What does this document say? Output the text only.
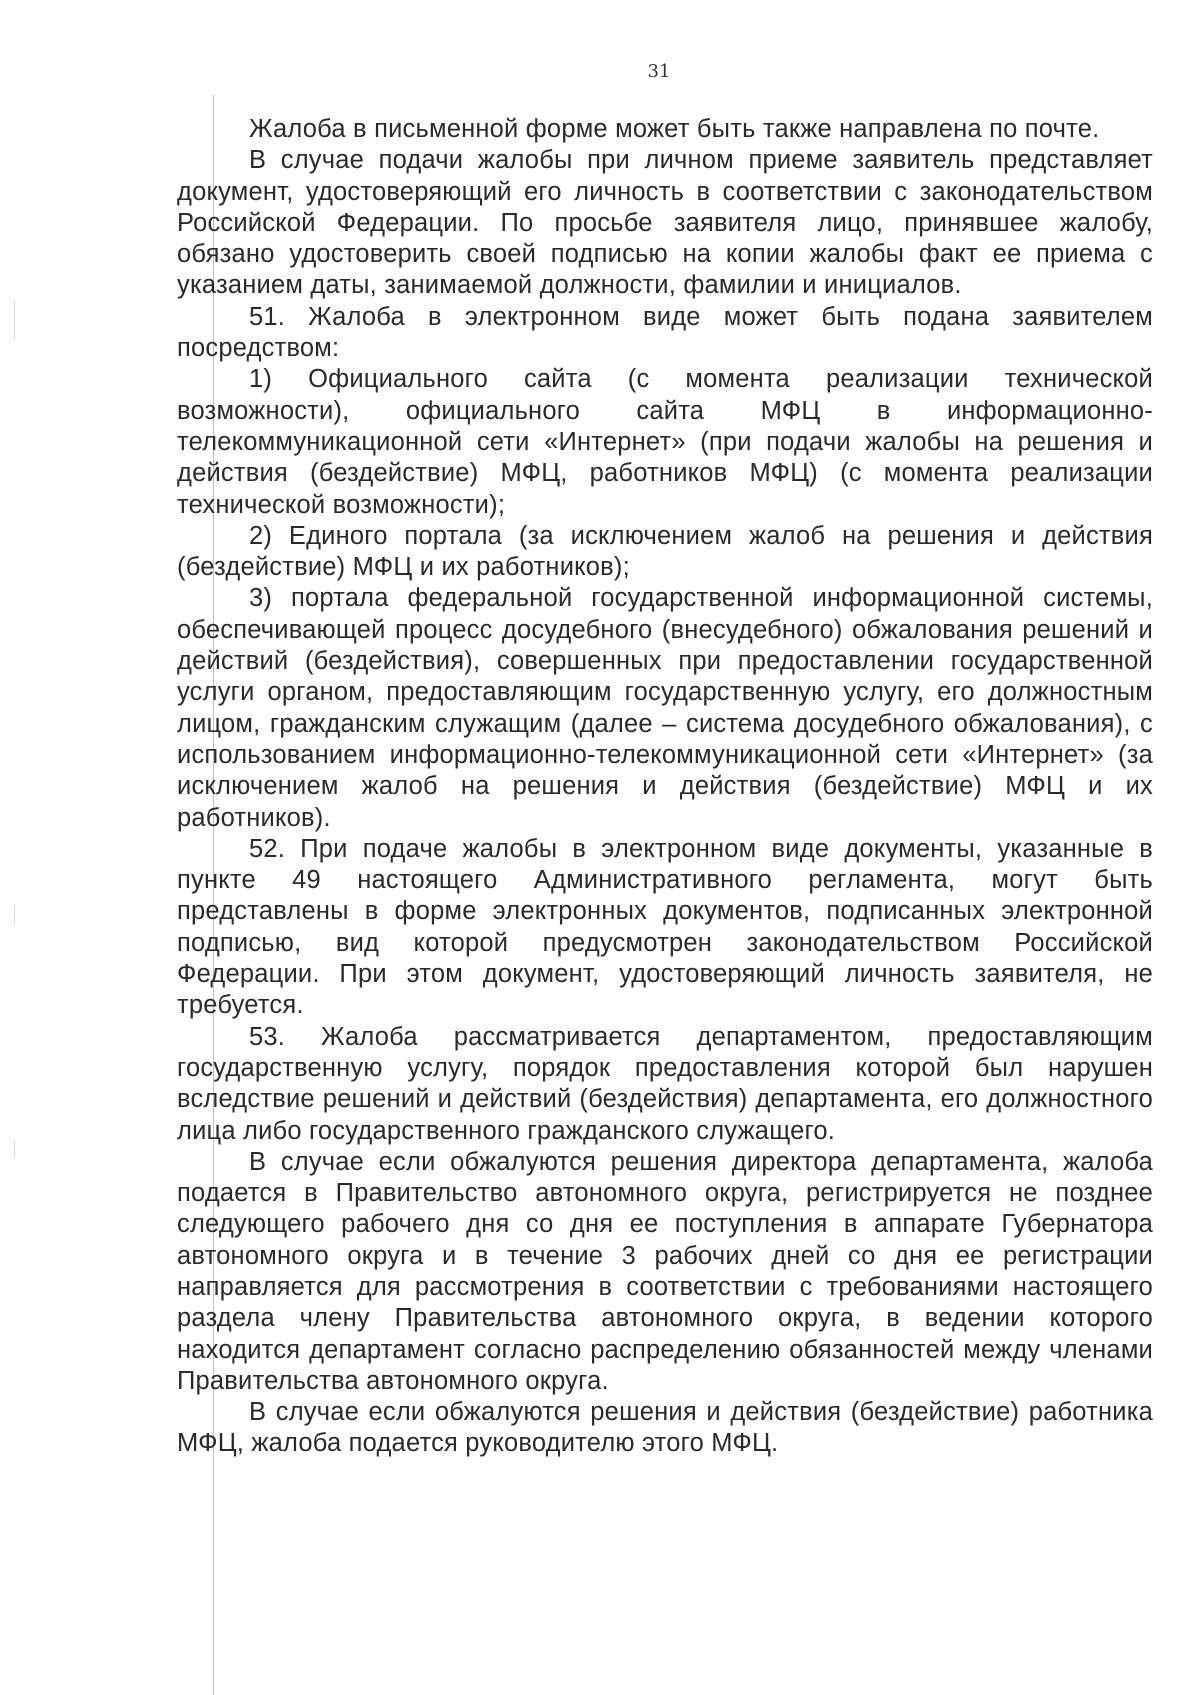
31

Жалоба в письменной форме может быть также направлена по почте.

В случае подачи жалобы при личном приеме заявитель представляет документ, удостоверяющий его личность в соответствии с законодательством Российской Федерации. По просьбе заявителя лицо, принявшее жалобу, обязано удостоверить своей подписью на копии жалобы факт ее приема с указанием даты, занимаемой должности, фамилии и инициалов.

51. Жалоба в электронном виде может быть подана заявителем посредством:

1) Официального сайта (с момента реализации технической возможности), официального сайта МФЦ в информационно-телекоммуникационной сети «Интернет» (при подачи жалобы на решения и действия (бездействие) МФЦ, работников МФЦ) (с момента реализации технической возможности);

2) Единого портала (за исключением жалоб на решения и действия (бездействие) МФЦ и их работников);

3) портала федеральной государственной информационной системы, обеспечивающей процесс досудебного (внесудебного) обжалования решений и действий (бездействия), совершенных при предоставлении государственной услуги органом, предоставляющим государственную услугу, его должностным лицом, гражданским служащим (далее – система досудебного обжалования), с использованием информационно-телекоммуникационной сети «Интернет» (за исключением жалоб на решения и действия (бездействие) МФЦ и их работников).

52. При подаче жалобы в электронном виде документы, указанные в пункте 49 настоящего Административного регламента, могут быть представлены в форме электронных документов, подписанных электронной подписью, вид которой предусмотрен законодательством Российской Федерации. При этом документ, удостоверяющий личность заявителя, не требуется.

53. Жалоба рассматривается департаментом, предоставляющим государственную услугу, порядок предоставления которой был нарушен вследствие решений и действий (бездействия) департамента, его должностного лица либо государственного гражданского служащего.

В случае если обжалуются решения директора департамента, жалоба подается в Правительство автономного округа, регистрируется не позднее следующего рабочего дня со дня ее поступления в аппарате Губернатора автономного округа и в течение 3 рабочих дней со дня ее регистрации направляется для рассмотрения в соответствии с требованиями настоящего раздела члену Правительства автономного округа, в ведении которого находится департамент согласно распределению обязанностей между членами Правительства автономного округа.

В случае если обжалуются решения и действия (бездействие) работника МФЦ, жалоба подается руководителю этого МФЦ.
